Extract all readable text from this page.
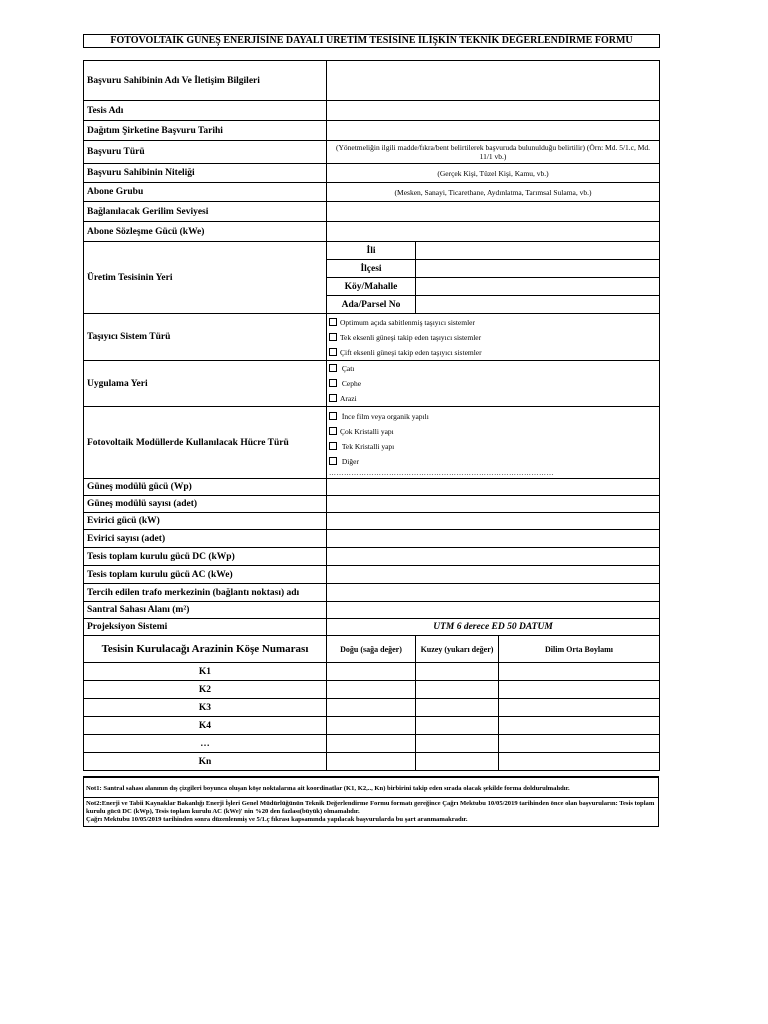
FOTOVOLTAİK GÜNEŞ ENERJİSİNE DAYALI ÜRETİM TESİSİNE İLİŞKİN TEKNİK DEĞERLENDİRME FORMU
Başvuru Sahibinin Adı Ve İletişim Bilgileri			
Tesis Adı			
Dağıtım Şirketine Başvuru Tarihi			
Başvuru Türü	(Yönetmeliğin ilgili madde/fıkra/bent belirtilerek başvuruda bulunulduğu belirtilir) (Örn: Md. 5/1.c, Md. 11/1 vb.)		
Başvuru Sahibinin Niteliği	(Gerçek Kişi, Tüzel Kişi, Kamu, vb.)		
Abone Grubu	(Mesken, Sanayi, Ticarethane, Aydınlatma, Tarımsal Sulama, vb.)		
Bağlanılacak Gerilim Seviyesi			
Abone Sözleşme Gücü (kWe)			
Üretim Tesisinin Yeri	İli		
	İlçesi		
	Köy/Mahalle		
	Ada/Parsel No		
Taşıyıcı Sistem Türü	Optimum açıda sabitlenmiş taşıyıcı sistemler
Tek eksenli güneşi takip eden taşıyıcı sistemler
Çift eksenli güneşi takip eden taşıyıcı sistemler		

Uygulama Yeri	Çatı
Cephe
Arazi		

Fotovoltaik Modüllerde Kullanılacak Hücre Türü	İnce film veya organik yapılı
Çok Kristalli yapı
Tek Kristalli yapı
Diğer
………………………………………………………………………………		

Güneş modülü gücü (Wp)			
Güneş modülü sayısı (adet)			
Evirici gücü (kW)			
Evirici sayısı (adet)			
Tesis toplam kurulu gücü DC (kWp)			
Tesis toplam kurulu gücü AC (kWe)			
Tercih edilen trafo merkezinin (bağlantı noktası) adı			
Santral Sahası Alanı (m²)			
Projeksiyon Sistemi	UTM 6 derece ED 50 DATUM		
Tesisin Kurulacağı Arazinin Köşe Numarası	Doğu (sağa değer)	Kuzey (yukarı değer)	Dilim Orta Boylamı
K1			
K2			
K3			
K4			
…			
Kn			
Not1: Santral sahası alanının dış çizgileri boyunca oluşan köşe noktalarına ait koordinatlar (K1, K2,.., Kn) birbirini takip eden sırada olacak şekilde forma doldurulmalıdır.
Not2:Enerji ve Tabii Kaynaklar Bakanlığı Enerji İşleri Genel Müdürlüğünün Teknik Değerlendirme Formu formatı gereğince Çağrı Mektubu 10/05/2019 tarihinden önce olan başvuruların: Tesis toplam kurulu gücü DC (kWp), Tesis toplam kurulu AC (kWe)' nin %20 den fazlası(büyük) olmamalıdır.
Çağrı Mektubu 10/05/2019 tarihinden sonra düzenlenmiş ve 5/1.ç fıkrası kapsamında yapılacak başvurularda bu şart aranmamakradır.
